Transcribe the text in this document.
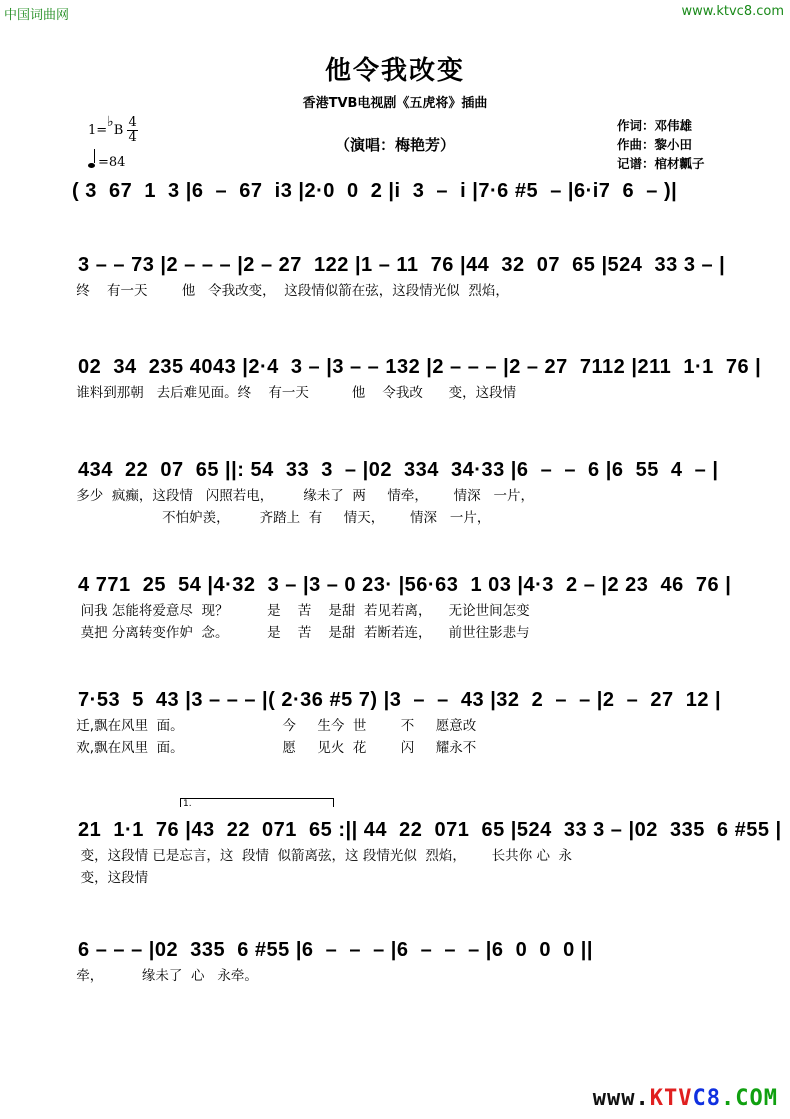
中国词曲网	www.ktvc8.com
他令我改变
香港TVB电视剧《五虎将》插曲
1=♭B $\frac{4}{4}$
=84
（演唱：梅艳芳）
作词：邓伟雄
作曲：黎小田
记谱：棺材瓤子
( 3  67  1  3 |6  –  67  i3 |2·0  0  2 |i  3  –  i |7·6 #5  – |6·i7  6  – )|
3 – – 73 |2 – – – |2 – 27  122 |1 – 11  76 |44  32  07  65 |524  33 3 – |
终    有一天        他   令我改变，  这段情似箭在弦，这段情光似  烈焰，
02  34  235 4043 |2·4  3 – |3 – – 132 |2 – – – |2 – 27  7112 |211  1·1  76 |
谁料到那朝   去后难见面。终    有一天          他    令我改      变，这段情
434  22  07  65 ||: 54  33  3  – |02  334  34·33 |6  –  –  6 |6  55  4  – |
多少  疯癫，这段情   闪照若电，       缘未了  两     情牵，      情深   一片，
不怕妒羡，       齐踏上  有     情天，      情深   一片，
4 771  25  54 |4·32  3 – |3 – 0 23· |56·63  1 03 |4·3  2 – |2 23  46  76 |
问我 怎能将爱意尽  现？         是    苦    是甜  若见若离，    无论世间怎变
莫把 分离转变作妒  念。         是    苦    是甜  若断若连，    前世往影悲与
7·53  5  43 |3 – – – |( 2·36 #5 7) |3  –  –  43 |32  2  –  – |2  –  27  12 |
迁,飘在风里  面。                       今     生今  世        不     愿意改
欢,飘在风里  面。                       愿     见火  花        闪     耀永不
1.
21  1·1  76 |43  22  071  65 :|| 44  22  071  65 |524  33 3 – |02  335  6 #55 |
变，这段情 已是忘言，这  段情  似箭离弦，这 段情光似  烈焰，      长共你 心  永
变，这段情
6 – – – |02  335  6 #55 |6  –  –  – |6  –  –  – |6  0  0  0 ||
牵，         缘未了  心   永牵。
www.KTVC8.COM
